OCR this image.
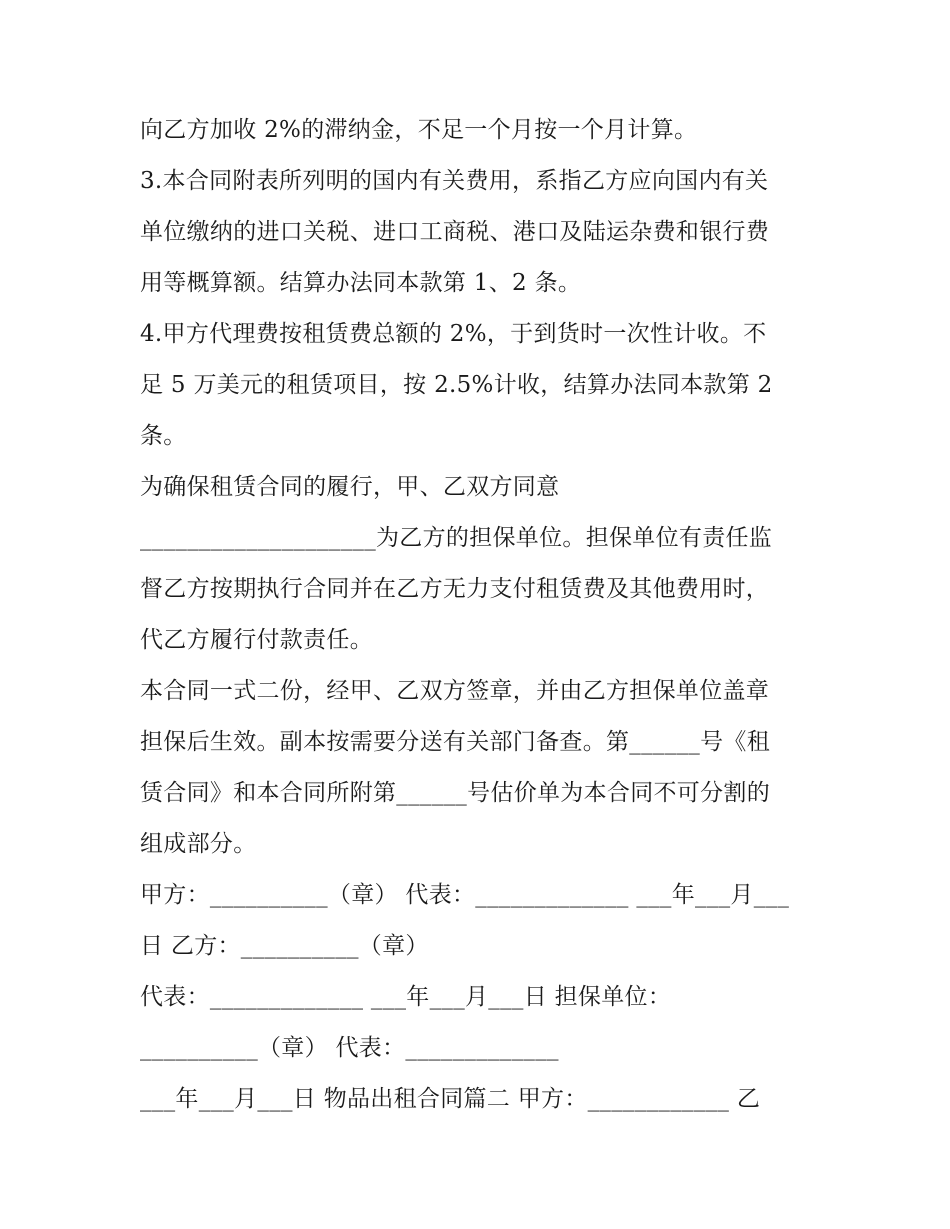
向乙方加收 2%的滞纳金，不足一个月按一个月计算。
3.本合同附表所列明的国内有关费用，系指乙方应向国内有关
单位缴纳的进口关税、进口工商税、港口及陆运杂费和银行费
用等概算额。结算办法同本款第 1、2 条。
4.甲方代理费按租赁费总额的 2%，于到货时一次性计收。不
足 5 万美元的租赁项目，按 2.5%计收，结算办法同本款第 2
条。
为确保租赁合同的履行，甲、乙双方同意
____________________为乙方的担保单位。担保单位有责任监
督乙方按期执行合同并在乙方无力支付租赁费及其他费用时，
代乙方履行付款责任。
本合同一式二份，经甲、乙双方签章，并由乙方担保单位盖章
担保后生效。副本按需要分送有关部门备查。第______号《租
赁合同》和本合同所附第______号估价单为本合同不可分割的
组成部分。
甲方：__________（章） 代表：_____________ ___年___月___
日 乙方：__________（章）
代表：_____________ ___年___月___日 担保单位：
__________（章） 代表：_____________
___年___月___日 物品出租合同篇二 甲方：____________ 乙
